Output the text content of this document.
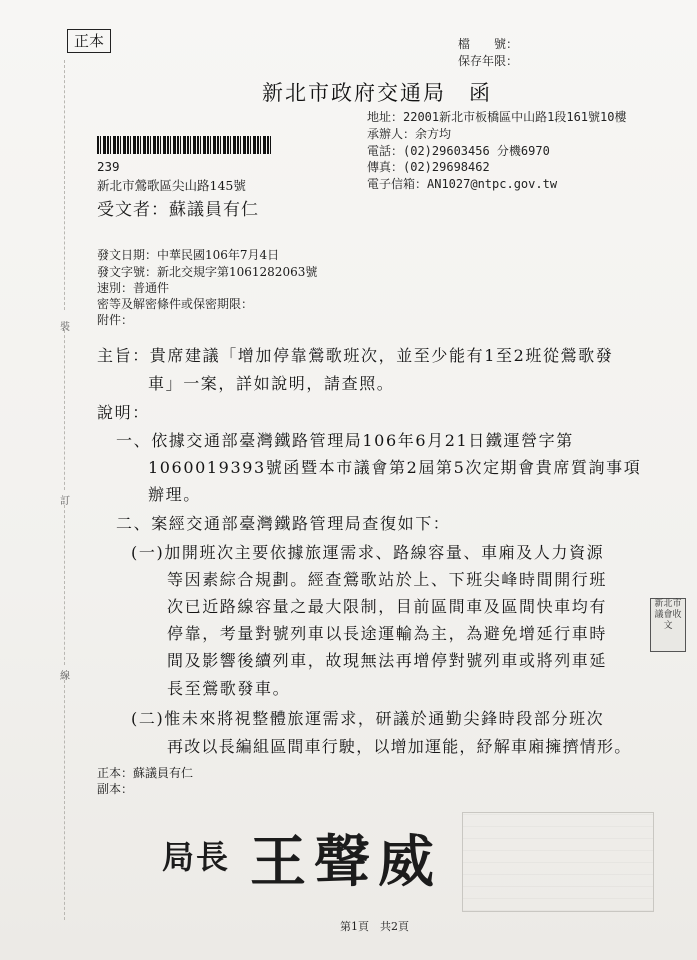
正本	檔　　號：
保存年限：
新北市政府交通局　函
地址：22001新北市板橋區中山路1段161號10樓
承辦人：余方均
電話：(02)29603456 分機6970
傳真：(02)29698462
電子信箱：AN1027@ntpc.gov.tw
239
新北市鶯歌區尖山路145號
受文者：蘇議員有仁
發文日期：中華民國106年7月4日
發文字號：新北交規字第1061282063號
速別：普通件
密等及解密條件或保密期限：
附件：
主旨：貴席建議「增加停靠鶯歌班次，並至少能有1至2班從鶯歌發
車」一案，詳如說明，請查照。
說明：
一、依據交通部臺灣鐵路管理局106年6月21日鐵運營字第
1060019393號函暨本市議會第2屆第5次定期會貴席質詢事項
辦理。
二、案經交通部臺灣鐵路管理局查復如下：
(一)加開班次主要依據旅運需求、路線容量、車廂及人力資源
等因素綜合規劃。經查鶯歌站於上、下班尖峰時間開行班
次已近路線容量之最大限制，目前區間車及區間快車均有
停靠，考量對號列車以長途運輸為主，為避免增延行車時
間及影響後續列車，故現無法再增停對號列車或將列車延
長至鶯歌發車。
(二)惟未來將視整體旅運需求，研議於通勤尖鋒時段部分班次
再改以長編組區間車行駛，以增加運能，紓解車廂擁擠情形。
正本：蘇議員有仁
副本：
局長 王聲威
新北市議會收文
裝
訂
線
第1頁　共2頁
